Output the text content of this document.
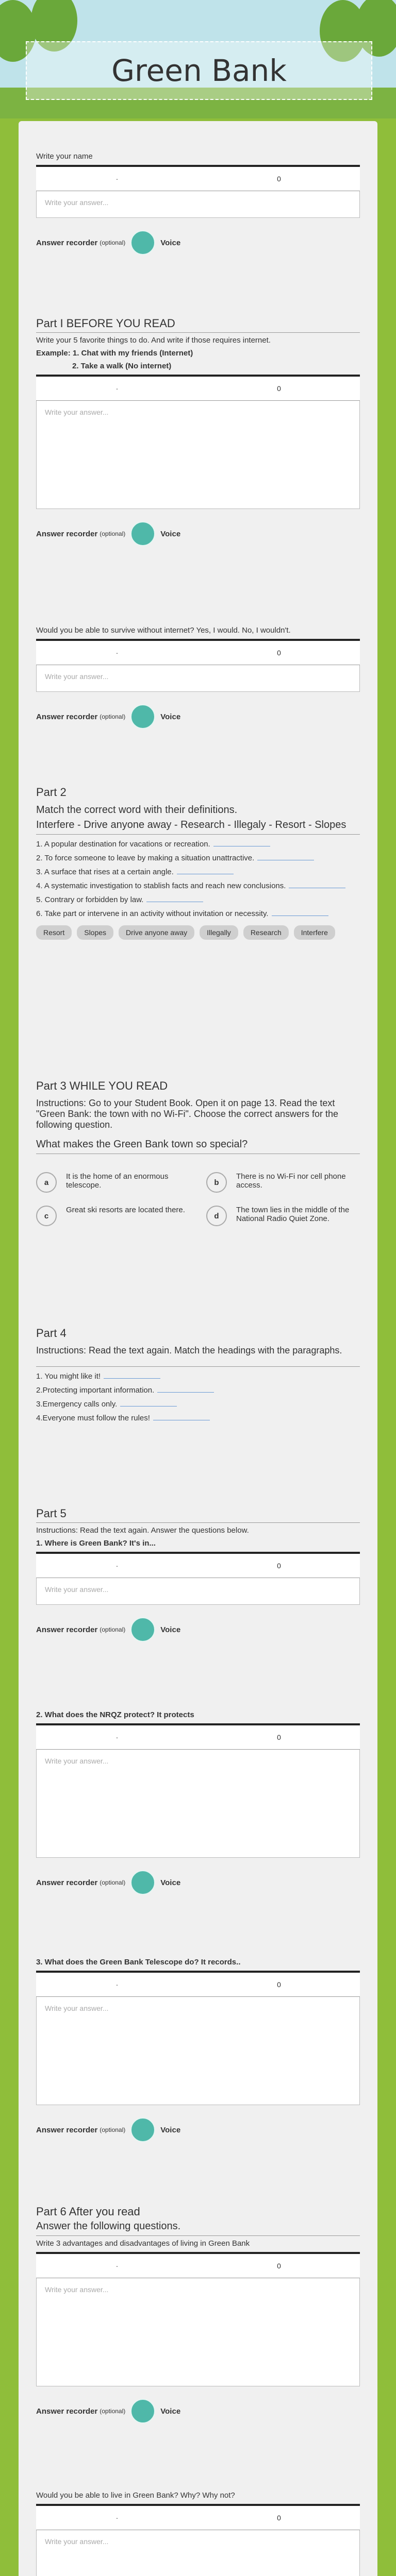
Green Bank

Write your name

·	0
Write your answer...
Answer recorder (optional)	Voice
Part I BEFORE YOU READ

Write your 5 favorite things to do. And write if those requires internet.

Example: 1. Chat with my friends (Internet)

2. Take a walk (No internet)

·	0
Write your answer...
Answer recorder (optional)	Voice

Would you be able to survive without internet? Yes, I would. No, I wouldn't.

·	0
Write your answer...
Answer recorder (optional)	Voice
Part 2

Match the correct word with their definitions.

Interfere - Drive anyone away - Research - Illegaly - Resort - Slopes

1. A popular destination for vacations or recreation.
2. To force someone to leave by making a situation unattractive.
3. A surface that rises at a certain angle.
4. A systematic investigation to stablish facts and reach new conclusions.
5. Contrary or forbidden by law.
6. Take part or intervene in an activity without invitation or necessity.
Resort	Slopes	Drive anyone away	Illegally	Research	Interfere
Part 3 WHILE YOU READ

Instructions: Go to your Student Book. Open it on page 13. Read the text "Green Bank: the town with no Wi-Fi". Choose the correct answers for the following question.

What makes the Green Bank town so special?

a
It is the home of an enormous telescope.	b
There is no Wi-Fi nor cell phone access.
c
Great ski resorts are located there.
d
The town lies in the middle of the National Radio Quiet Zone.
Part 4

Instructions: Read the text again. Match the headings with the paragraphs.

1. You might like it!
2.Protecting important information.
3.Emergency calls only.
4.Everyone must follow the rules!
Part 5

Instructions: Read the text again. Answer the questions below.

1. Where is Green Bank? It's in...

·	0
Write your answer...
Answer recorder (optional)	Voice

2. What does the NRQZ protect? It protects

·	0
Write your answer...
Answer recorder (optional)	Voice

3. What does the Green Bank Telescope do? It records..

·	0
Write your answer...
Answer recorder (optional)	Voice
Part 6 After you read

Answer the following questions.

Write 3 advantages and disadvantages of living in Green Bank

·	0
Write your answer...
Answer recorder (optional)	Voice

Would you be able to live in Green Bank? Why? Why not?

·	0
Write your answer...
